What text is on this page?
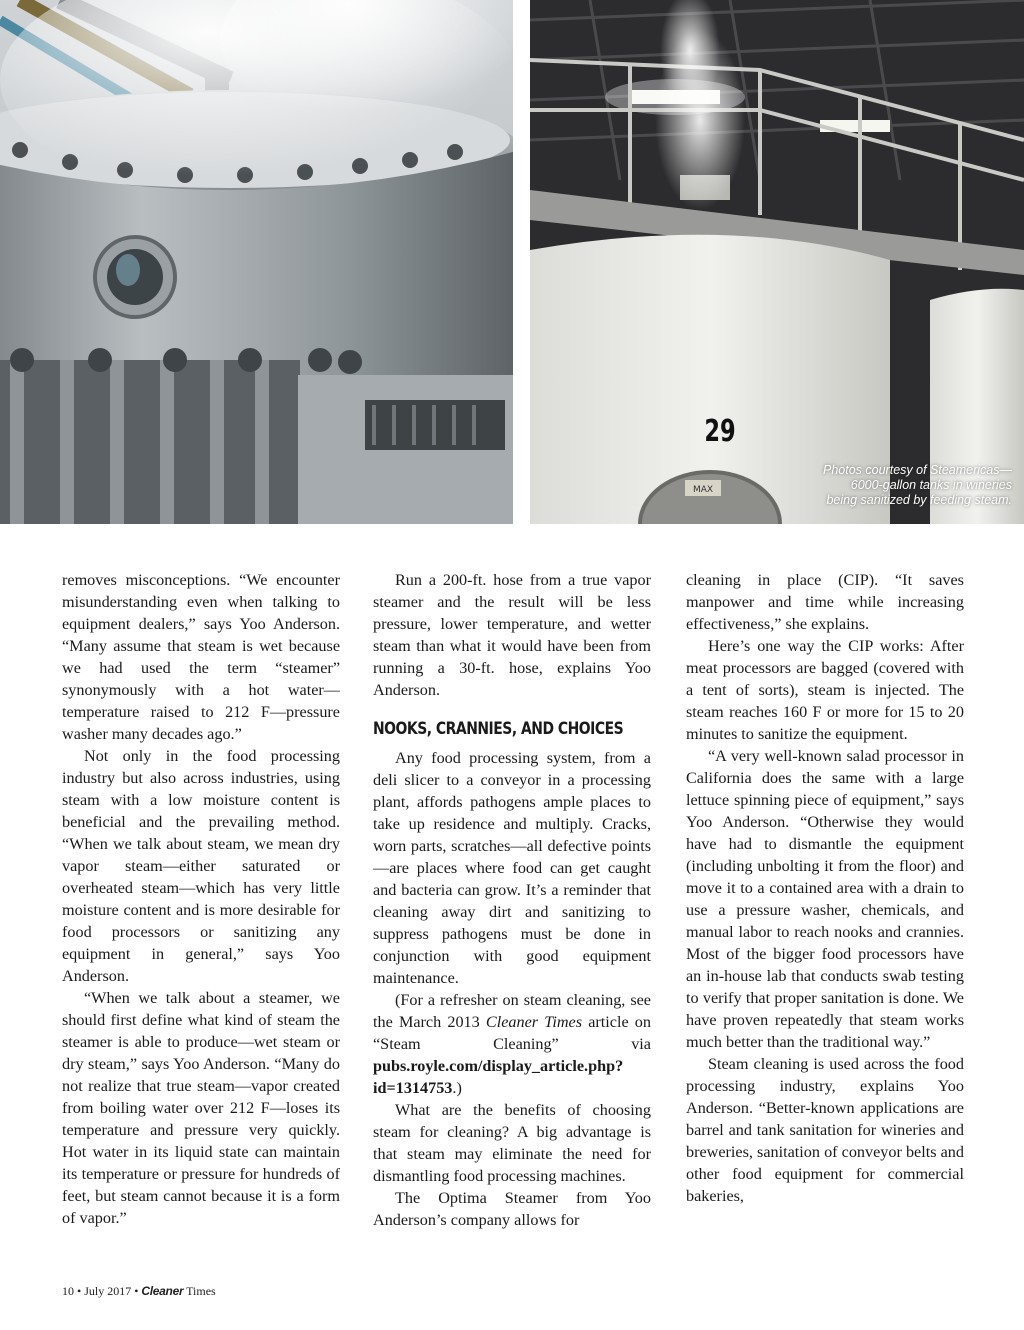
MAX
29
Photos courtesy of Steamericas—
6000-gallon tanks in wineries
being sanitized by feeding steam.

removes misconceptions. “We encounter misunderstanding even when talking to equipment dealers,” says Yoo Anderson. “Many assume that steam is wet because we had used the term “steamer” synonymously with a hot water—temperature raised to 212 F—pressure washer many decades ago.”

Not only in the food processing industry but also across industries, using steam with a low moisture content is beneficial and the prevailing method. “When we talk about steam, we mean dry vapor steam—either saturated or overheated steam—which has very little moisture content and is more desirable for food processors or sanitizing any equipment in general,” says Yoo Anderson.

“When we talk about a steamer, we should first define what kind of steam the steamer is able to produce—wet steam or dry steam,” says Yoo Anderson. “Many do not realize that true steam—vapor created from boiling water over 212 F—loses its temperature and pressure very quickly. Hot water in its liquid state can maintain its temperature or pressure for hundreds of feet, but steam cannot because it is a form of vapor.”

Run a 200-ft. hose from a true vapor steamer and the result will be less pressure, lower temperature, and wetter steam than what it would have been from running a 30-ft. hose, explains Yoo Anderson.

NOOKS, CRANNIES, AND CHOICES

Any food processing system, from a deli slicer to a conveyor in a processing plant, affords pathogens ample places to take up residence and multiply. Cracks, worn parts, scratches—all defective points—are places where food can get caught and bacteria can grow. It’s a reminder that cleaning away dirt and sanitizing to suppress pathogens must be done in conjunction with good equipment maintenance.

(For a refresher on steam cleaning, see the March 2013 Cleaner Times article on “Steam Cleaning” via pubs.royle.com/display_article.php?id=1314753.)

What are the benefits of choosing steam for cleaning? A big advantage is that steam may eliminate the need for dismantling food processing machines.

The Optima Steamer from Yoo Anderson’s company allows for

cleaning in place (CIP). “It saves manpower and time while increasing effectiveness,” she explains.

Here’s one way the CIP works: After meat processors are bagged (covered with a tent of sorts), steam is injected. The steam reaches 160 F or more for 15 to 20 minutes to sanitize the equipment.

“A very well-known salad processor in California does the same with a large lettuce spinning piece of equipment,” says Yoo Anderson. “Otherwise they would have had to dismantle the equipment (including unbolting it from the floor) and move it to a contained area with a drain to use a pressure washer, chemicals, and manual labor to reach nooks and crannies. Most of the bigger food processors have an in-house lab that conducts swab testing to verify that proper sanitation is done. We have proven repeatedly that steam works much better than the traditional way.”

Steam cleaning is used across the food processing industry, explains Yoo Anderson. “Better-known applications are barrel and tank sanitation for wineries and breweries, sanitation of conveyor belts and other food equipment for commercial bakeries,

10 • July 2017 • Cleaner Times
